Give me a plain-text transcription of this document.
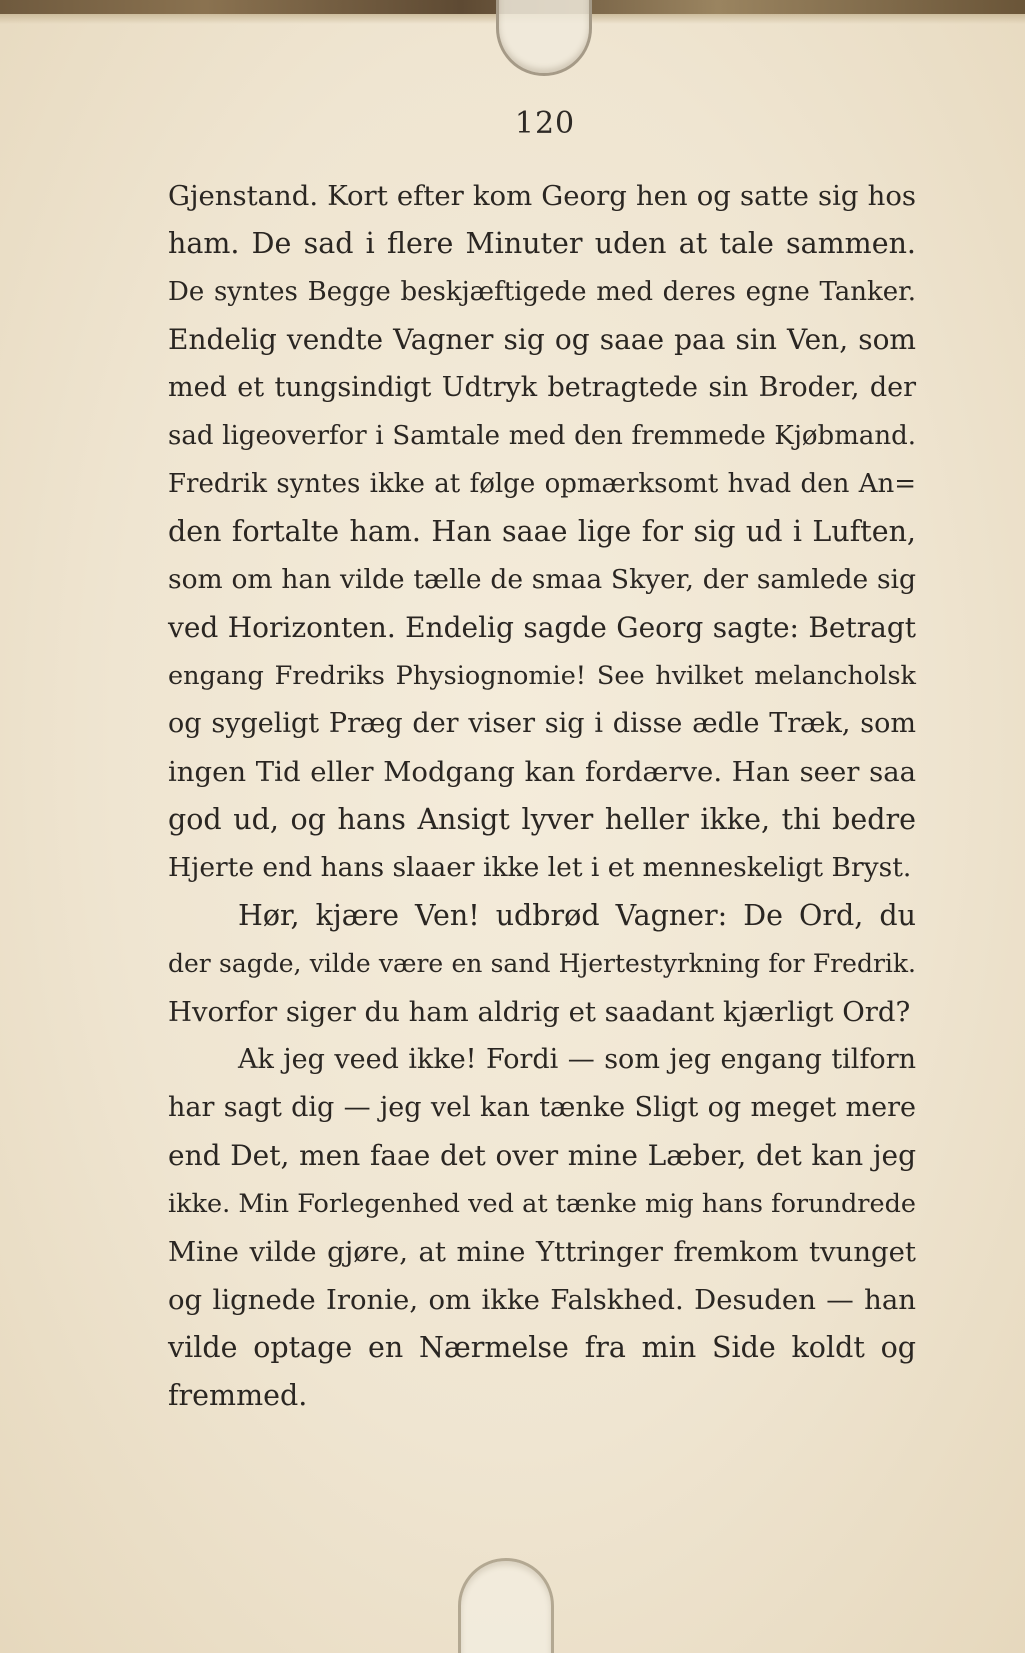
120
Gjenstand. Kort efter kom Georg hen og satte sig hos
ham. De sad i flere Minuter uden at tale sammen.
De syntes Begge beskjæftigede med deres egne Tanker.
Endelig vendte Vagner sig og saae paa sin Ven, som
med et tungsindigt Udtryk betragtede sin Broder, der
sad ligeoverfor i Samtale med den fremmede Kjøbmand.
Fredrik syntes ikke at følge opmærksomt hvad den An=
den fortalte ham. Han saae lige for sig ud i Luften,
som om han vilde tælle de smaa Skyer, der samlede sig
ved Horizonten. Endelig sagde Georg sagte: Betragt
engang Fredriks Physiognomie! See hvilket melancholsk
og sygeligt Præg der viser sig i disse ædle Træk, som
ingen Tid eller Modgang kan fordærve. Han seer saa
god ud, og hans Ansigt lyver heller ikke, thi bedre
Hjerte end hans slaaer ikke let i et menneskeligt Bryst.
Hør, kjære Ven! udbrød Vagner: De Ord, du
der sagde, vilde være en sand Hjertestyrkning for Fredrik.
Hvorfor siger du ham aldrig et saadant kjærligt Ord?
Ak jeg veed ikke! Fordi — som jeg engang tilforn
har sagt dig — jeg vel kan tænke Sligt og meget mere
end Det, men faae det over mine Læber, det kan jeg
ikke. Min Forlegenhed ved at tænke mig hans forundrede
Mine vilde gjøre, at mine Yttringer fremkom tvunget
og lignede Ironie, om ikke Falskhed. Desuden — han
vilde optage en Nærmelse fra min Side koldt og
fremmed.
